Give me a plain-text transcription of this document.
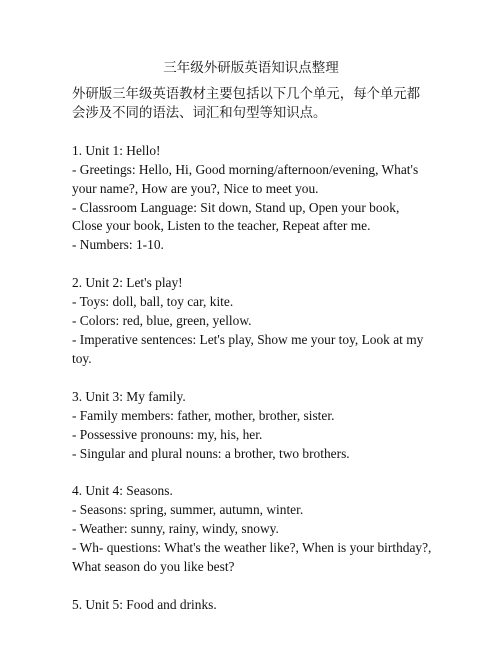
三年级外研版英语知识点整理
外研版三年级英语教材主要包括以下几个单元，每个单元都会涉及不同的语法、词汇和句型等知识点。
1. Unit 1: Hello!
- Greetings: Hello, Hi, Good morning/afternoon/evening, What's your name?, How are you?, Nice to meet you.
- Classroom Language: Sit down, Stand up, Open your book, Close your book, Listen to the teacher, Repeat after me.
- Numbers: 1-10.
2. Unit 2: Let's play!
- Toys: doll, ball, toy car, kite.
- Colors: red, blue, green, yellow.
- Imperative sentences: Let's play, Show me your toy, Look at my toy.
3. Unit 3: My family.
- Family members: father, mother, brother, sister.
- Possessive pronouns: my, his, her.
- Singular and plural nouns: a brother, two brothers.
4. Unit 4: Seasons.
- Seasons: spring, summer, autumn, winter.
- Weather: sunny, rainy, windy, snowy.
- Wh- questions: What's the weather like?, When is your birthday?, What season do you like best?
5. Unit 5: Food and drinks.
